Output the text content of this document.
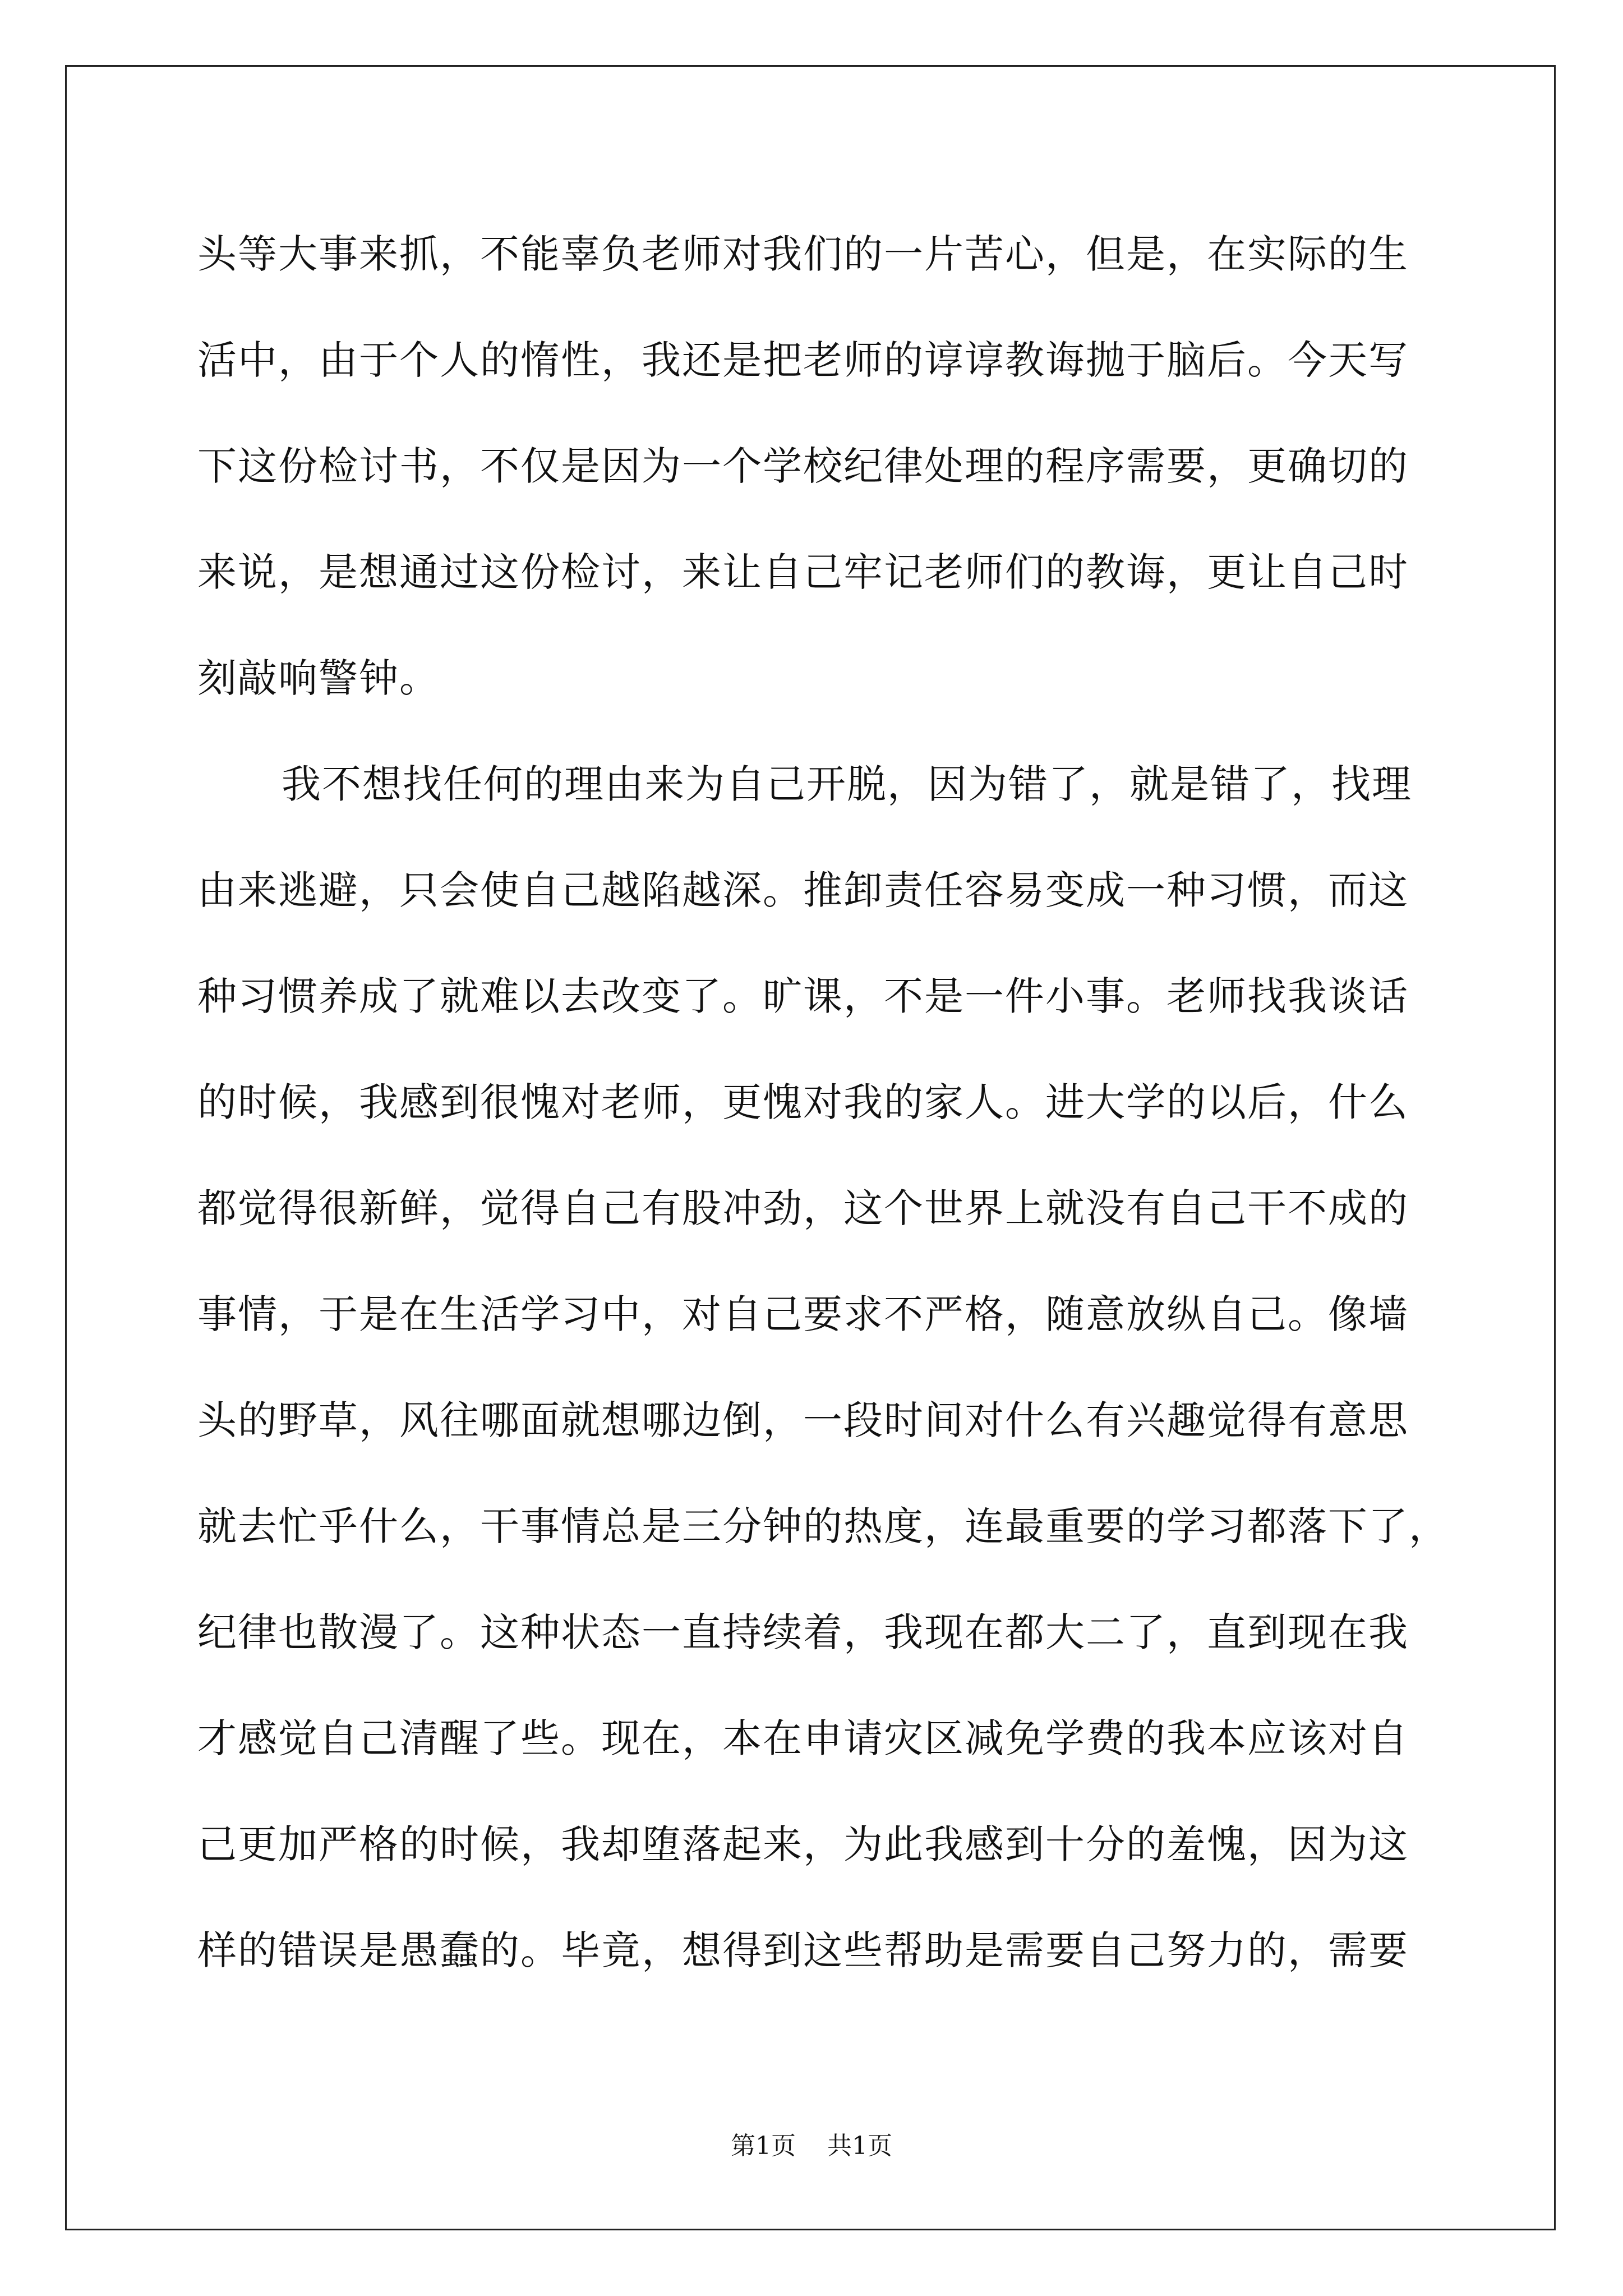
头等大事来抓，不能辜负老师对我们的一片苦心，但是，在实际的生
活中，由于个人的惰性，我还是把老师的谆谆教诲抛于脑后。今天写
下这份检讨书，不仅是因为一个学校纪律处理的程序需要，更确切的
来说，是想通过这份检讨，来让自己牢记老师们的教诲，更让自己时
刻敲响警钟。
我不想找任何的理由来为自己开脱，因为错了，就是错了，找理
由来逃避，只会使自己越陷越深。推卸责任容易变成一种习惯，而这
种习惯养成了就难以去改变了。旷课，不是一件小事。老师找我谈话
的时候，我感到很愧对老师，更愧对我的家人。进大学的以后，什么
都觉得很新鲜，觉得自己有股冲劲，这个世界上就没有自己干不成的
事情，于是在生活学习中，对自己要求不严格，随意放纵自己。像墙
头的野草，风往哪面就想哪边倒，一段时间对什么有兴趣觉得有意思
就去忙乎什么，干事情总是三分钟的热度，连最重要的学习都落下了，
纪律也散漫了。这种状态一直持续着，我现在都大二了，直到现在我
才感觉自己清醒了些。现在，本在申请灾区减免学费的我本应该对自
己更加严格的时候，我却堕落起来，为此我感到十分的羞愧，因为这
样的错误是愚蠢的。毕竟，想得到这些帮助是需要自己努力的，需要
第1页    共1页
